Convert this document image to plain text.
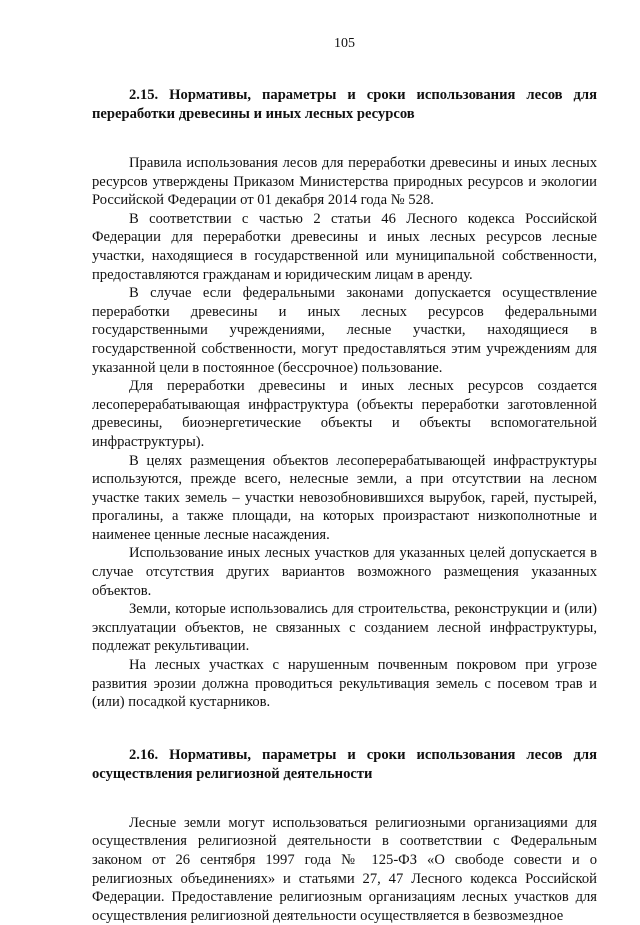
105

2.15. Нормативы, параметры и сроки использования лесов для переработки древесины и иных лесных ресурсов

Правила использования лесов для переработки древесины и иных лесных ресурсов утверждены Приказом Министерства природных ресурсов и экологии Российской Федерации от 01 декабря 2014 года № 528.

В соответствии с частью 2 статьи 46 Лесного кодекса Российской Федерации для переработки древесины и иных лесных ресурсов лесные участки, находящиеся в государственной или муниципальной собственности, предоставляются гражданам и юридическим лицам в аренду.

В случае если федеральными законами допускается осуществление переработки древесины и иных лесных ресурсов федеральными государственными учреждениями, лесные участки, находящиеся в государственной собственности, могут предоставляться этим учреждениям для указанной цели в постоянное (бессрочное) пользование.

Для переработки древесины и иных лесных ресурсов создается лесоперерабатывающая инфраструктура (объекты переработки заготовленной древесины, биоэнергетические объекты и объекты вспомогательной инфраструктуры).

В целях размещения объектов лесоперерабатывающей инфраструктуры используются, прежде всего, нелесные земли, а при отсутствии на лесном участке таких земель – участки невозобновившихся вырубок, гарей, пустырей, прогалины, а также площади, на которых произрастают низкополнотные и наименее ценные лесные насаждения.

Использование иных лесных участков для указанных целей допускается в случае отсутствия других вариантов возможного размещения указанных объектов.

Земли, которые использовались для строительства, реконструкции и (или) эксплуатации объектов, не связанных с созданием лесной инфраструктуры, подлежат рекультивации.

На лесных участках с нарушенным почвенным покровом при угрозе развития эрозии должна проводиться рекультивация земель с посевом трав и (или) посадкой кустарников.

2.16. Нормативы, параметры и сроки использования лесов для осуществления религиозной деятельности

Лесные земли могут использоваться религиозными организациями для осуществления религиозной деятельности в соответствии с Федеральным законом от 26 сентября 1997 года № 125-ФЗ «О свободе совести и о религиозных объединениях» и статьями 27, 47 Лесного кодекса Российской Федерации. Предоставление религиозным организациям лесных участков для осуществления религиозной деятельности осуществляется в безвозмездное
